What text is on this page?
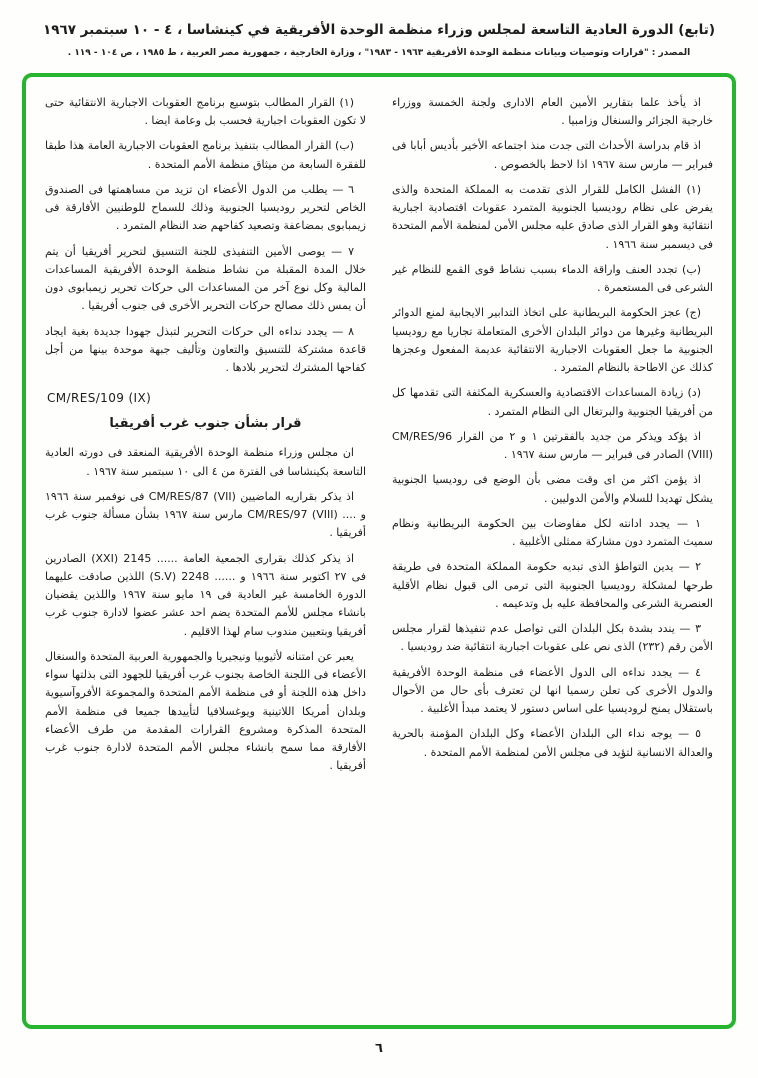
(تابع) الدورة العادية التاسعة لمجلس وزراء منظمة الوحدة الأفريقية في كينشاسا ، ٤ - ١٠ سبتمبر ١٩٦٧
المصدر : "قرارات وتوصيات وبيانات منظمة الوحدة الأفريقية ١٩٦٣ - ١٩٨٣" ، وزارة الخارجية ، جمهورية مصر العربية ، ط ١٩٨٥ ، ص ١٠٤ - ١١٩ .

اذ يأخذ علما بتقارير الأمين العام الادارى ولجنة الخمسة ووزراء خارجية الجزائر والسنغال وزامبيا .

اذ قام بدراسة الأحداث التى جدت منذ اجتماعه الأخير بأديس أبابا فى فبراير — مارس سنة ١٩٦٧ اذا لاحظ بالخصوص .

(١) الفشل الكامل للقرار الذى تقدمت به المملكة المتحدة والذى يفرض على نظام روديسيا الجنوبية المتمرد عقوبات اقتصادية اجبارية انتقائية وهو القرار الذى صادق عليه مجلس الأمن لمنظمة الأمم المتحدة فى ديسمبر سنة ١٩٦٦ .

(ب) تجدد العنف واراقة الدماء بسبب نشاط قوى القمع للنظام غير الشرعى فى المستعمرة .

(ج) عجز الحكومة البريطانية على اتخاذ التدابير الايجابية لمنع الدوائر البريطانية وغيرها من دوائر البلدان الأخرى المتعاملة تجاريا مع روديسيا الجنوبية ما جعل العقوبات الاجبارية الانتقائية عديمة المفعول وعجزها كذلك عن الاطاحة بالنظام المتمرد .

(د) زيادة المساعدات الاقتصادية والعسكرية المكثفة التى تقدمها كل من أفريقيا الجنوبية والبرتغال الى النظام المتمرد .

اذ يؤكد ويذكر من جديد بالفقرتين ١ و ٢ من القرار CM/RES/96 (VIII) الصادر فى فبراير — مارس سنة ١٩٦٧ .

اذ يؤمن اكثر من اى وقت مضى بأن الوضع فى روديسيا الجنوبية يشكل تهديدا للسلام والأمن الدوليين .

١ — يجدد ادانته لكل مفاوضات بين الحكومة البريطانية ونظام سميث المتمرد دون مشاركة ممثلى الأغلبية .

٢ — يدين التواطؤ الذى تبديه حكومة المملكة المتحدة فى طريقة طرحها لمشكلة روديسيا الجنوبية التى ترمى الى قبول نظام الأقلية العنصرية الشرعى والمحافظة عليه بل وتدعيمه .

٣ — يندد بشدة بكل البلدان التى تواصل عدم تنفيذها لقرار مجلس الأمن رقم (٢٣٢) الذى نص على عقوبات اجبارية انتقائية ضد روديسيا .

٤ — يجدد نداءه الى الدول الأعضاء فى منظمة الوحدة الأفريقية والدول الأخرى كى تعلن رسميا انها لن تعترف بأى حال من الأحوال باستقلال يمنح لروديسيا على اساس دستور لا يعتمد مبدأ الأغلبية .

٥ — يوجه نداء الى البلدان الأعضاء وكل البلدان المؤمنة بالحرية والعدالة الانسانية لتؤيد فى مجلس الأمن لمنظمة الأمم المتحدة .

(١) القرار المطالب بتوسيع برنامج العقوبات الاجبارية الانتقائية حتى لا تكون العقوبات اجبارية فحسب بل وعامة ايضا .

(ب) القرار المطالب بتنفيذ برنامج العقوبات الاجبارية العامة هذا طبقا للفقرة السابعة من ميثاق منظمة الأمم المتحدة .

٦ — يطلب من الدول الأعضاء ان تزيد من مساهمتها فى الصندوق الخاص لتحرير روديسيا الجنوبية وذلك للسماح للوطنيين الأفارقة فى زيمبابوى بمضاعفة وتصعيد كفاحهم ضد النظام المتمرد .

٧ — يوصى الأمين التنفيذى للجنة التنسيق لتحرير أفريقيا أن يتم خلال المدة المقبلة من نشاط منظمة الوحدة الأفريقية المساعدات المالية وكل نوع آخر من المساعدات الى حركات تحرير زيمبابوى دون أن يمس ذلك مصالح حركات التحرير الأخرى فى جنوب أفريقيا .

٨ — يجدد نداءه الى حركات التحرير لتبذل جهودا جديدة بغية ايجاد قاعدة مشتركة للتنسيق والتعاون وتأليف جبهة موحدة بينها من أجل كفاحها المشترك لتحرير بلادها .

CM/RES/109 (IX)
قرار بشأن جنوب غرب أفريقيا

ان مجلس وزراء منظمة الوحدة الأفريقية المنعقد فى دورته العادية التاسعة بكينشاسا فى الفترة من ٤ الى ١٠ سبتمبر سنة ١٩٦٧ .

اذ يذكر بقراريه الماضيين CM/RES/87 (VII) فى نوفمبر سنة ١٩٦٦ و .... CM/RES/97 (VIII) مارس سنة ١٩٦٧ بشأن مسألة جنوب غرب أفريقيا .

اذ يذكر كذلك بقرارى الجمعية العامة ...... 2145 (XXI) الصادرين فى ٢٧ اكتوبر سنة ١٩٦٦ و ...... 2248 (S.V) اللذين صادقت عليهما الدورة الخامسة غير العادية فى ١٩ مايو سنة ١٩٦٧ واللذين يقضيان بانشاء مجلس للأمم المتحدة يضم احد عشر عضوا لادارة جنوب غرب أفريقيا وبتعيين مندوب سام لهذا الاقليم .

يعبر عن امتنانه لأثيوبيا ونيجيريا والجمهورية العربية المتحدة والسنغال الأعضاء فى اللجنة الخاصة بجنوب غرب أفريقيا للجهود التى بذلتها سواء داخل هذه اللجنة أو فى منظمة الأمم المتحدة والمجموعة الأفروآسيوية وبلدان أمريكا اللاتينية ويوغسلافيا لتأييدها جميعا فى منظمة الأمم المتحدة المذكرة ومشروع القرارات المقدمة من طرف الأعضاء الأفارقة مما سمح بانشاء مجلس الأمم المتحدة لادارة جنوب غرب أفريقيا .

٦
